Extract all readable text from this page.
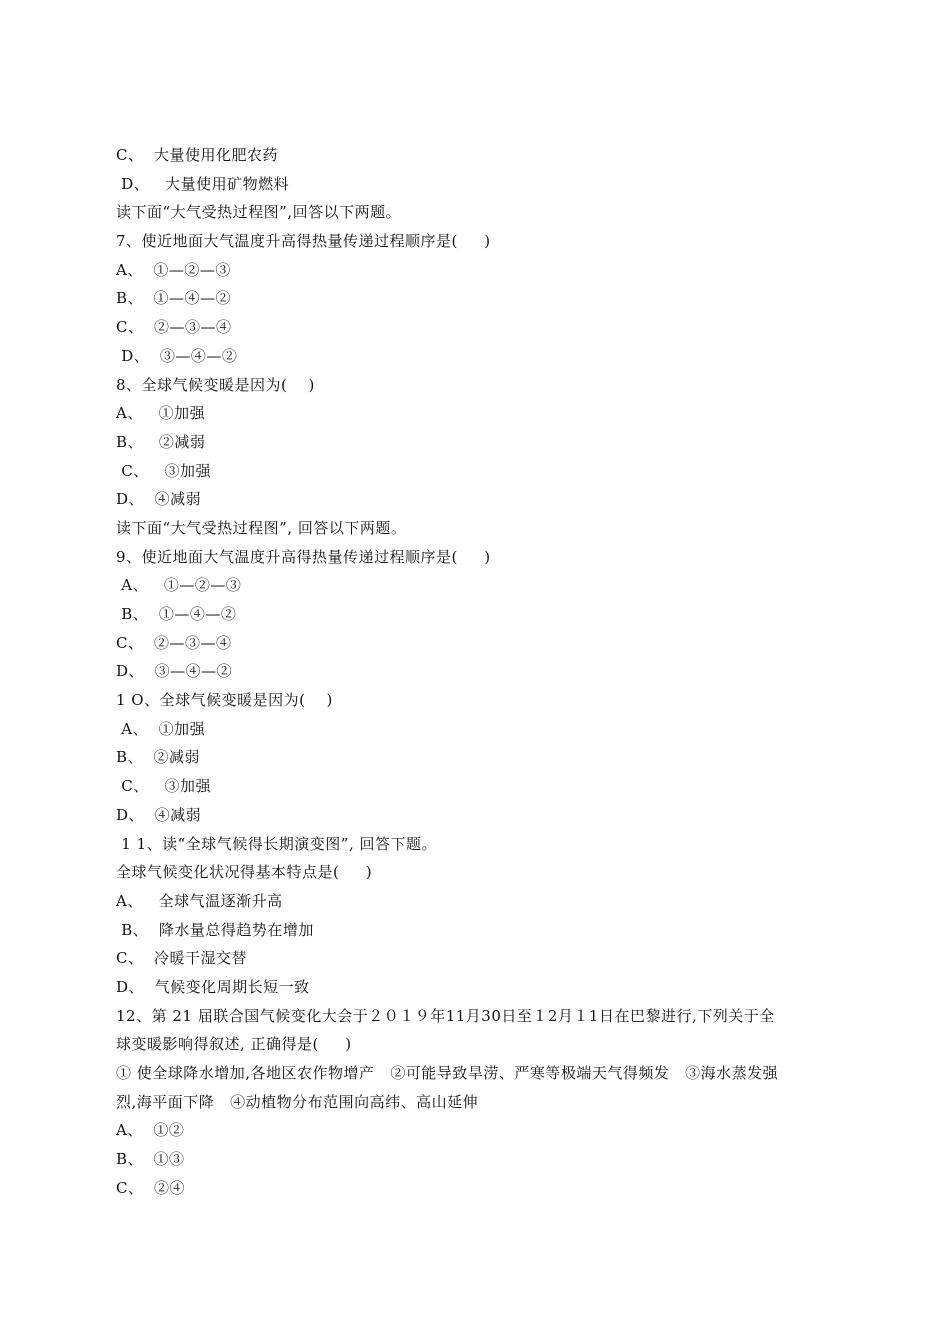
C、  大量使用化肥农药
D、   大量使用矿物燃料
读下面“大气受热过程图”,回答以下两题。
7、使近地面大气温度升高得热量传递过程顺序是(     )
A、  ①—②—③
B、  ①—④—②
C、  ②—③—④
D、  ③—④—②
8、全球气候变暖是因为(    )
A、   ①加强
B、   ②减弱
C、   ③加强
D、  ④减弱
读下面“大气受热过程图”, 回答以下两题。
9、使近地面大气温度升高得热量传递过程顺序是(     )
A、   ①—②—③
B、  ①—④—②
C、  ②—③—④
D、  ③—④—②
1 O、全球气候变暖是因为(    )
A、  ①加强
B、  ②减弱
C、   ③加强
D、  ④减弱
1 1、读“全球气候得长期演变图”, 回答下题。
全球气候变化状况得基本特点是(     )
A、   全球气温逐渐升高
B、  降水量总得趋势在增加
C、  冷暖干湿交替
D、  气候变化周期长短一致
12、第 21 届联合国气候变化大会于２０１９年11月30日至１2月１1日在巴黎进行,下列关于全
球变暖影响得叙述, 正确得是(     )
① 使全球降水增加,各地区农作物增产   ②可能导致旱涝、严寒等极端天气得频发   ③海水蒸发强
烈,海平面下降   ④动植物分布范围向高纬、高山延伸
A、  ①②
B、  ①③
C、  ②④
